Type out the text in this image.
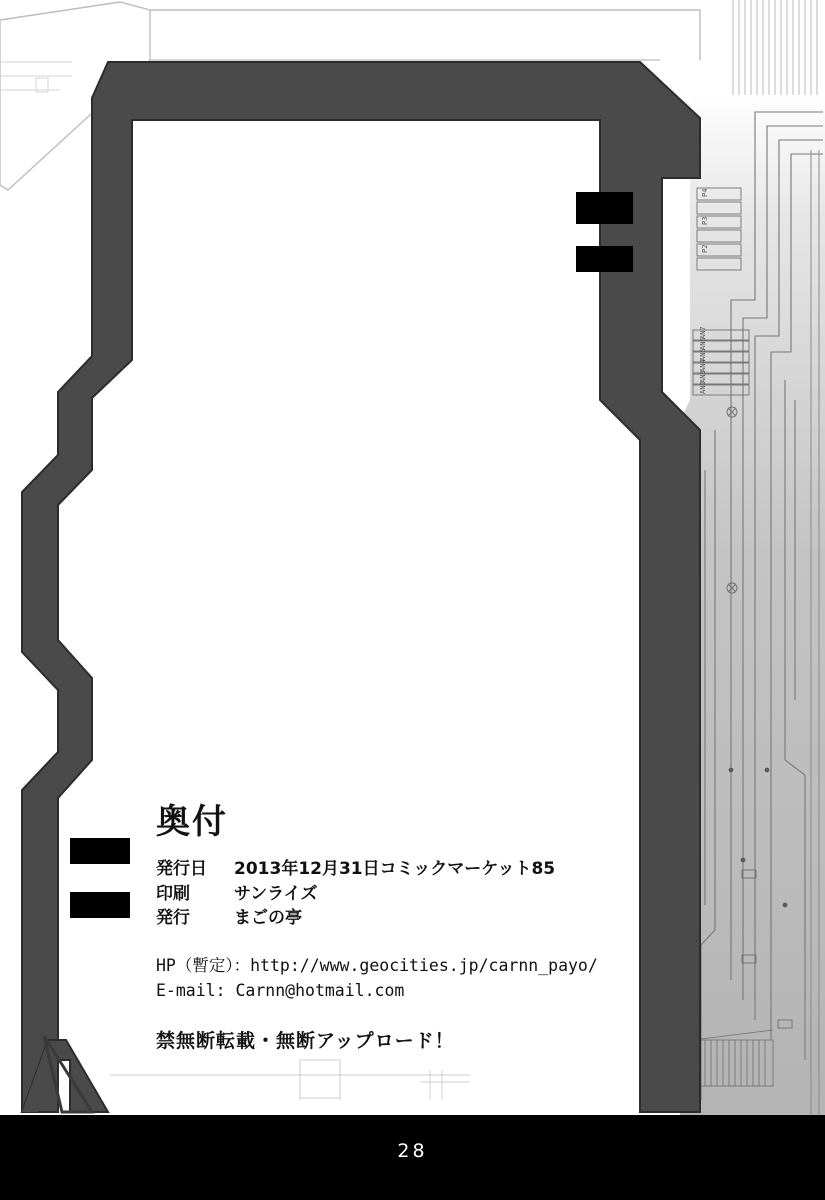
P4
P3
P2
AN7
AN6
AN5
AN4
AN3
AN2
奥付
発行日	2013年12月31日コミックマーケット85
印刷	サンライズ
発行	まごの亭
HP（暫定）：http://www.geocities.jp/carnn_payo/
E-mail: Carnn@hotmail.com
禁無断転載・無断アップロード！
28
